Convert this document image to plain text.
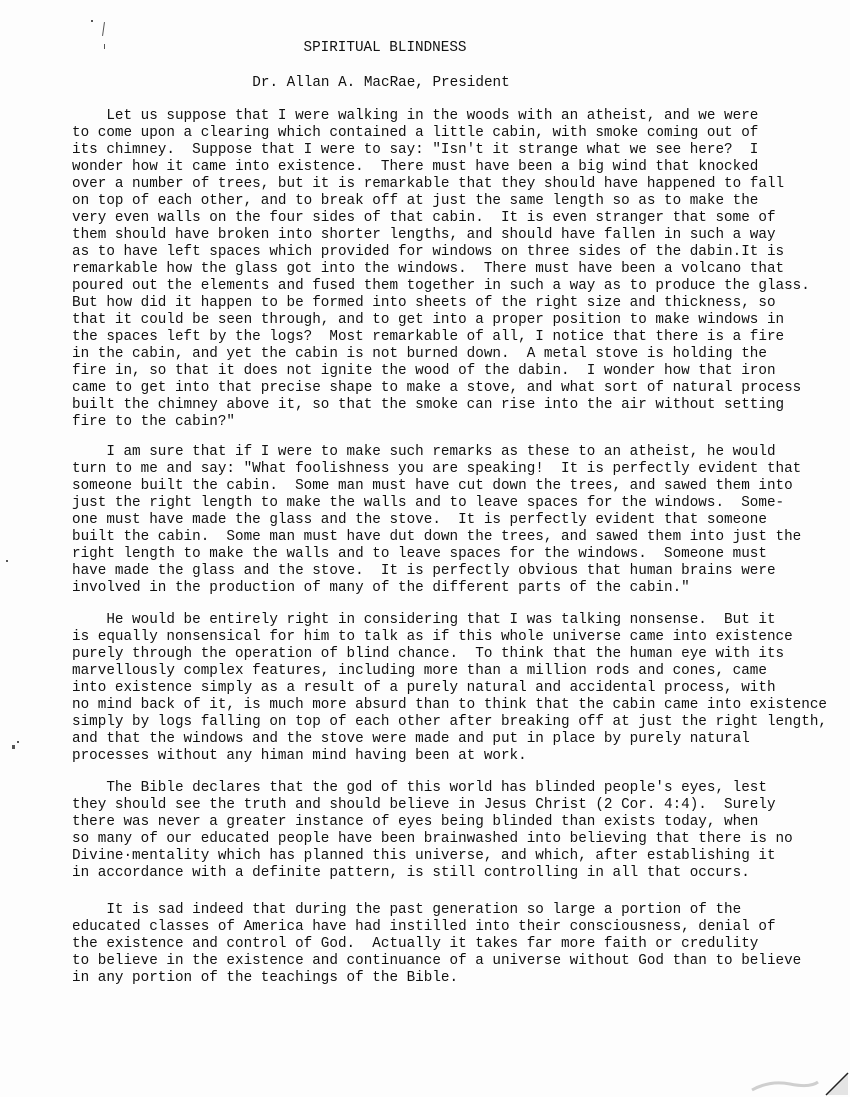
SPIRITUAL BLINDNESS
Dr. Allan A. MacRae, President

Let us suppose that I were walking in the woods with an atheist, and we were
to come upon a clearing which contained a little cabin, with smoke coming out of
its chimney.  Suppose that I were to say: "Isn't it strange what we see here?  I
wonder how it came into existence.  There must have been a big wind that knocked
over a number of trees, but it is remarkable that they should have happened to fall
on top of each other, and to break off at just the same length so as to make the
very even walls on the four sides of that cabin.  It is even stranger that some of
them should have broken into shorter lengths, and should have fallen in such a way
as to have left spaces which provided for windows on three sides of the dabin.It is
remarkable how the glass got into the windows.  There must have been a volcano that
poured out the elements and fused them together in such a way as to produce the glass.
But how did it happen to be formed into sheets of the right size and thickness, so
that it could be seen through, and to get into a proper position to make windows in
the spaces left by the logs?  Most remarkable of all, I notice that there is a fire
in the cabin, and yet the cabin is not burned down.  A metal stove is holding the
fire in, so that it does not ignite the wood of the dabin.  I wonder how that iron
came to get into that precise shape to make a stove, and what sort of natural process
built the chimney above it, so that the smoke can rise into the air without setting
fire to the cabin?"

I am sure that if I were to make such remarks as these to an atheist, he would
turn to me and say: "What foolishness you are speaking!  It is perfectly evident that
someone built the cabin.  Some man must have cut down the trees, and sawed them into
just the right length to make the walls and to leave spaces for the windows.  Some-
one must have made the glass and the stove.  It is perfectly evident that someone
built the cabin.  Some man must have dut down the trees, and sawed them into just the
right length to make the walls and to leave spaces for the windows.  Someone must
have made the glass and the stove.  It is perfectly obvious that human brains were
involved in the production of many of the different parts of the cabin."

He would be entirely right in considering that I was talking nonsense.  But it
is equally nonsensical for him to talk as if this whole universe came into existence
purely through the operation of blind chance.  To think that the human eye with its
marvellously complex features, including more than a million rods and cones, came
into existence simply as a result of a purely natural and accidental process, with
no mind back of it, is much more absurd than to think that the cabin came into existence
simply by logs falling on top of each other after breaking off at just the right length,
and that the windows and the stove were made and put in place by purely natural
processes without any himan mind having been at work.

The Bible declares that the god of this world has blinded people's eyes, lest
they should see the truth and should believe in Jesus Christ (2 Cor. 4:4).  Surely
there was never a greater instance of eyes being blinded than exists today, when
so many of our educated people have been brainwashed into believing that there is no
Divine·mentality which has planned this universe, and which, after establishing it
in accordance with a definite pattern, is still controlling in all that occurs.

It is sad indeed that during the past generation so large a portion of the
educated classes of America have had instilled into their consciousness, denial of
the existence and control of God.  Actually it takes far more faith or credulity
to believe in the existence and continuance of a universe without God than to believe
in any portion of the teachings of the Bible.
